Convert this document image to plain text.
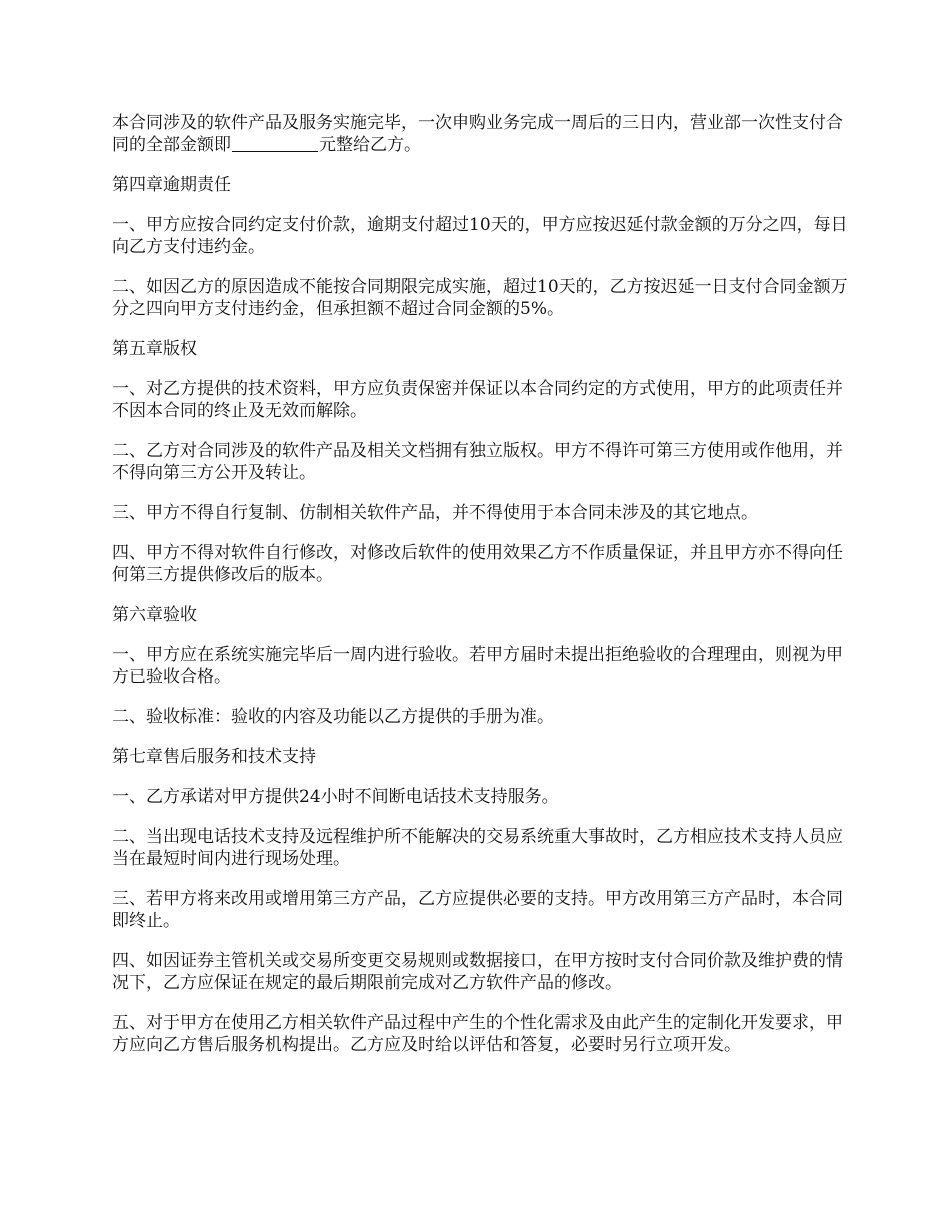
本合同涉及的软件产品及服务实施完毕，一次申购业务完成一周后的三日内，营业部一次性支付合同的全部金额即	元整给乙方。

第四章逾期责任

一、甲方应按合同约定支付价款，逾期支付超过10天的，甲方应按迟延付款金额的万分之四，每日向乙方支付违约金。

二、如因乙方的原因造成不能按合同期限完成实施，超过10天的，乙方按迟延一日支付合同金额万分之四向甲方支付违约金，但承担额不超过合同金额的5%。

第五章版权

一、对乙方提供的技术资料，甲方应负责保密并保证以本合同约定的方式使用，甲方的此项责任并不因本合同的终止及无效而解除。

二、乙方对合同涉及的软件产品及相关文档拥有独立版权。甲方不得许可第三方使用或作他用，并不得向第三方公开及转让。

三、甲方不得自行复制、仿制相关软件产品，并不得使用于本合同未涉及的其它地点。

四、甲方不得对软件自行修改，对修改后软件的使用效果乙方不作质量保证，并且甲方亦不得向任何第三方提供修改后的版本。

第六章验收

一、甲方应在系统实施完毕后一周内进行验收。若甲方届时未提出拒绝验收的合理理由，则视为甲方已验收合格。

二、验收标准：验收的内容及功能以乙方提供的手册为准。

第七章售后服务和技术支持

一、乙方承诺对甲方提供24小时不间断电话技术支持服务。

二、当出现电话技术支持及远程维护所不能解决的交易系统重大事故时，乙方相应技术支持人员应当在最短时间内进行现场处理。

三、若甲方将来改用或增用第三方产品，乙方应提供必要的支持。甲方改用第三方产品时，本合同即终止。

四、如因证券主管机关或交易所变更交易规则或数据接口，在甲方按时支付合同价款及维护费的情况下，乙方应保证在规定的最后期限前完成对乙方软件产品的修改。

五、对于甲方在使用乙方相关软件产品过程中产生的个性化需求及由此产生的定制化开发要求，甲方应向乙方售后服务机构提出。乙方应及时给以评估和答复，必要时另行立项开发。
